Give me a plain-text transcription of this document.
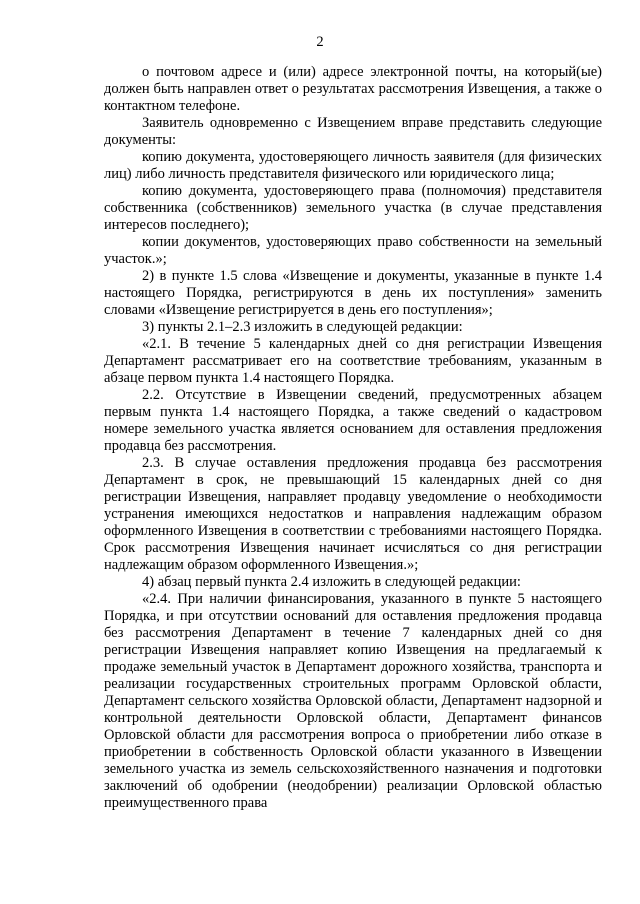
2

о почтовом адресе и (или) адресе электронной почты, на который(ые) должен быть направлен ответ о результатах рассмотрения Извещения, а также о контактном телефоне.

Заявитель одновременно с Извещением вправе представить следующие документы:

копию документа, удостоверяющего личность заявителя (для физических лиц) либо личность представителя физического или юридического лица;

копию документа, удостоверяющего права (полномочия) представителя собственника (собственников) земельного участка (в случае представления интересов последнего);

копии документов, удостоверяющих право собственности на земельный участок.»;

2) в пункте 1.5 слова «Извещение и документы, указанные в пункте 1.4 настоящего Порядка, регистрируются в день их поступления» заменить словами «Извещение регистрируется в день его поступления»;

3) пункты 2.1–2.3 изложить в следующей редакции:

«2.1. В течение 5 календарных дней со дня регистрации Извещения Департамент рассматривает его на соответствие требованиям, указанным в абзаце первом пункта 1.4 настоящего Порядка.

2.2. Отсутствие в Извещении сведений, предусмотренных абзацем первым пункта 1.4 настоящего Порядка, а также сведений о кадастровом номере земельного участка является основанием для оставления предложения продавца без рассмотрения.

2.3. В случае оставления предложения продавца без рассмотрения Департамент в срок, не превышающий 15 календарных дней со дня регистрации Извещения, направляет продавцу уведомление о необходимости устранения имеющихся недостатков и направления надлежащим образом оформленного Извещения в соответствии с требованиями настоящего Порядка. Срок рассмотрения Извещения начинает исчисляться со дня регистрации надлежащим образом оформленного Извещения.»;

4) абзац первый пункта 2.4 изложить в следующей редакции:

«2.4. При наличии финансирования, указанного в пункте 5 настоящего Порядка, и при отсутствии оснований для оставления предложения продавца без рассмотрения Департамент в течение 7 календарных дней со дня регистрации Извещения направляет копию Извещения на предлагаемый к продаже земельный участок в Департамент дорожного хозяйства, транспорта и реализации государственных строительных программ Орловской области, Департамент сельского хозяйства Орловской области, Департамент надзорной и контрольной деятельности Орловской области, Департамент финансов Орловской области для рассмотрения вопроса о приобретении либо отказе в приобретении в собственность Орловской области указанного в Извещении земельного участка из земель сельскохозяйственного назначения и подготовки заключений об одобрении (неодобрении) реализации Орловской областью преимущественного права
